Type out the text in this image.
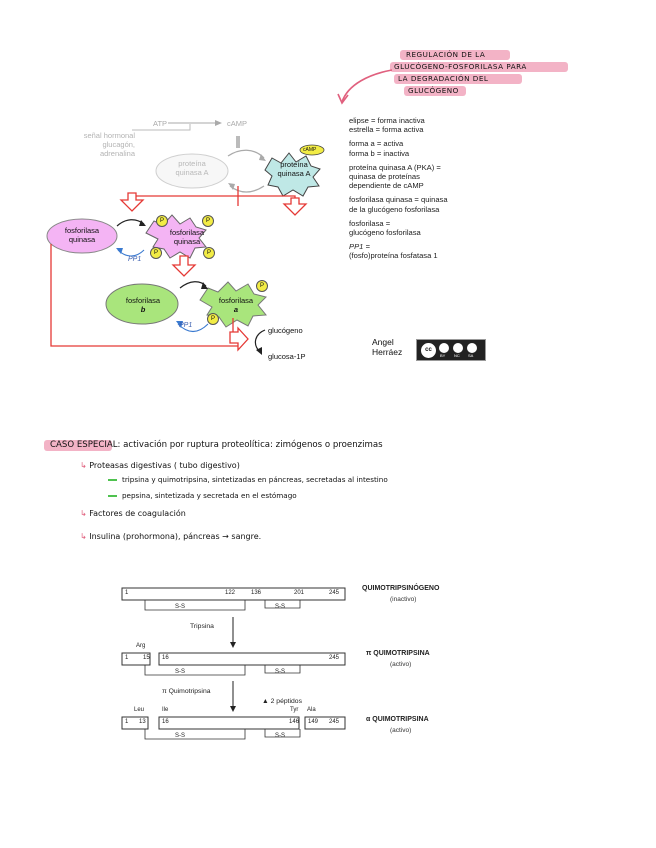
REGULACIÓN DE LA
GLUCÓGENO-FOSFORILASA PARA
LA DEGRADACIÓN DEL
GLUCÓGENO
ATP	cAMP
señal hormonal
glucagón,
adrenalina
proteína
quinasa A
cAMP
proteína
quinasa A
fosforilasa
quinasa
fosforilasa
quinasa
fosforilasa
b
fosforilasa
a
PP1
PP1
glucógeno
glucosa-1P
P	P
P	P
P
P

elipse = forma inactiva
estrella = forma activa

forma a = activa
forma b = inactiva

proteína quinasa A (PKA) =
quinasa de proteínas
dependiente de cAMP

fosforilasa quinasa = quinasa
de la glucógeno fosforilasa

fosforilasa =
glucógeno fosforilasa

PP1 =
(fosfo)proteína fosfatasa 1

Angel
Herráez	cc
BY NC SA
CASO ESPECIAL: activación por ruptura proteolítica: zimógenos o proenzimas
↳ Proteasas digestivas ( tubo digestivo)
tripsina y quimotripsina, sintetizadas en páncreas, secretadas al intestino
pepsina, sintetizada y secretada en el estómago
↳ Factores de coagulación
↳ Insulina (prohormona), páncreas → sangre.
1	122	136	201	245
S-S	S-S
QUIMOTRIPSINÓGENO
(inactivo)
Tripsina
Arg
1 15 16	245
S-S	S-S
π QUIMOTRIPSINA
(activo)
π Quimotripsina
▲ 2 péptidos
Leu	Ile	Tyr Ala
1 13	16	146 149 245
S-S	S-S
α QUIMOTRIPSINA
(activo)
